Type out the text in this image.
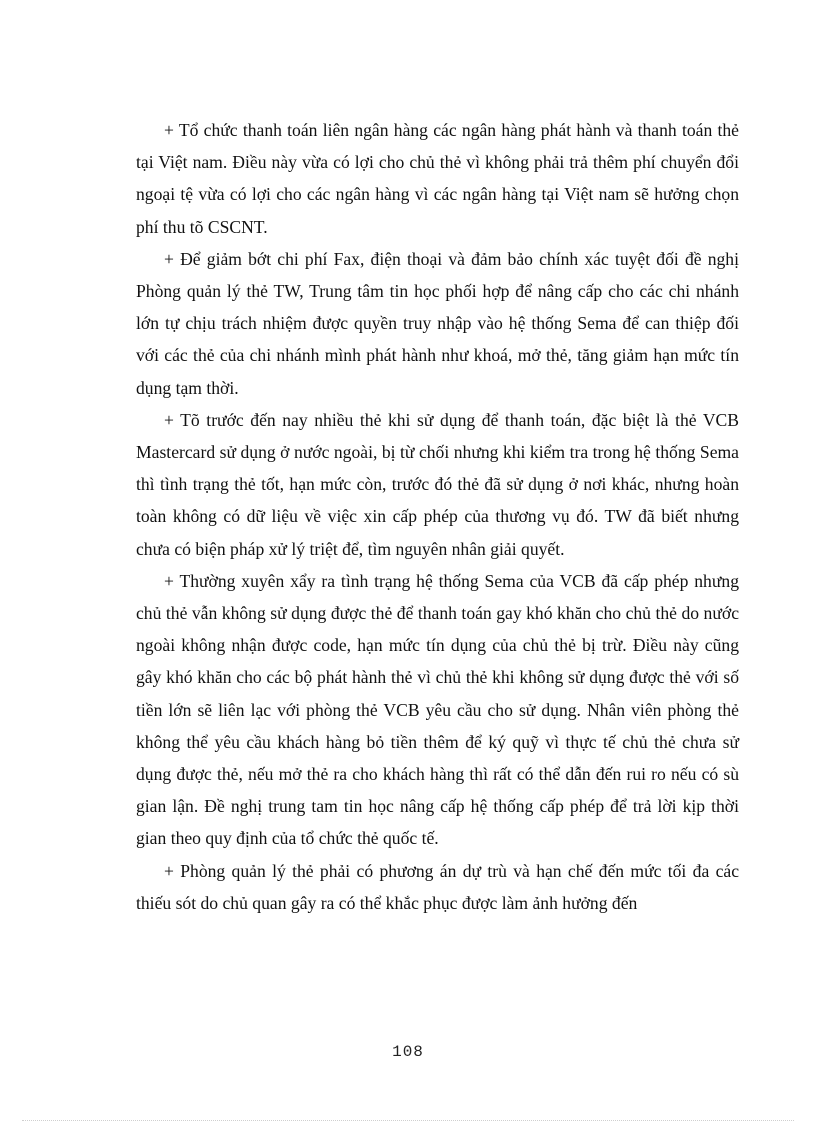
+ Tổ chức thanh toán liên ngân hàng các ngân hàng phát hành và thanh toán thẻ tại Việt nam. Điều này vừa có lợi cho chủ thẻ vì không phải trả thêm phí chuyển đổi ngoại tệ vừa có lợi cho các ngân hàng vì các ngân hàng tại Việt nam sẽ hưởng chọn phí thu tõ CSCNT.

+ Để giảm bớt chi phí Fax, điện thoại và đảm bảo chính xác tuyệt đối đề nghị Phòng quản lý thẻ TW, Trung tâm tin học phối hợp để nâng cấp cho các chi nhánh lớn tự chịu trách nhiệm được quyền truy nhập vào hệ thống Sema để can thiệp đối với các thẻ của chi nhánh mình phát hành như khoá, mở thẻ, tăng giảm hạn mức tín dụng tạm thời.

+ Tõ trước đến nay nhiều thẻ khi sử dụng để thanh toán, đặc biệt là thẻ VCB Mastercard sử dụng ở nước ngoài, bị từ chối nhưng khi kiểm tra trong hệ thống Sema thì tình trạng thẻ tốt, hạn mức còn, trước đó thẻ đã sử dụng ở nơi khác, nhưng hoàn toàn không có dữ liệu về việc xin cấp phép của thương vụ đó. TW đã biết nhưng chưa có biện pháp xử lý triệt để, tìm nguyên nhân giải quyết.

+ Thường xuyên xẩy ra tình trạng hệ thống Sema của VCB đã cấp phép nhưng chủ thẻ vẫn không sử dụng được thẻ để thanh toán gay khó khăn cho chủ thẻ do nước ngoài không nhận được code, hạn mức tín dụng của chủ thẻ bị trừ. Điều này cũng gây khó khăn cho các bộ phát hành thẻ vì chủ thẻ khi không sử dụng được thẻ với số tiền lớn sẽ liên lạc với phòng thẻ VCB yêu cầu cho sử dụng. Nhân viên phòng thẻ không thể yêu cầu khách hàng bỏ tiền thêm để ký quỹ vì thực tế chủ thẻ chưa sử dụng được thẻ, nếu mở thẻ ra cho khách hàng thì rất có thể dẫn đến rui ro nếu có sù gian lận. Đề nghị trung tam tin học nâng cấp hệ thống cấp phép để trả lời kịp thời gian theo quy định của tổ chức thẻ quốc tế.

+ Phòng quản lý thẻ phải có phương án dự trù và hạn chế đến mức tối đa các thiếu sót do chủ quan gây ra có thể khắc phục được làm ảnh hưởng đến

108
